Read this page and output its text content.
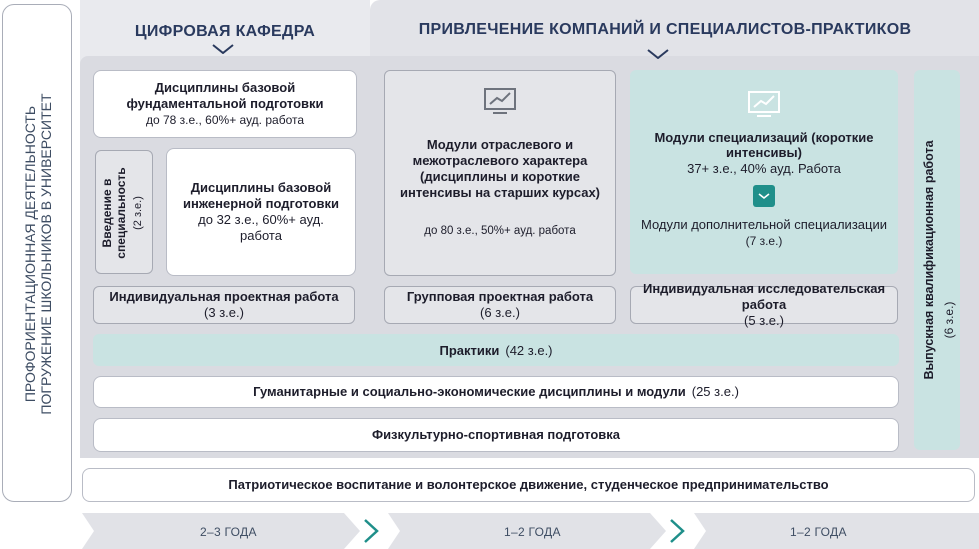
ПРОФОРИЕНТАЦИОННАЯ ДЕЯТЕЛЬНОСТЬ
ПОГРУЖЕНИЕ ШКОЛЬНИКОВ В УНИВЕРСИТЕТ
ЦИФРОВАЯ КАФЕДРА	ПРИВЛЕЧЕНИЕ КОМПАНИЙ И СПЕЦИАЛИСТОВ-ПРАКТИКОВ
Дисциплины базовой фундаментальной подготовки
до 78 з.е., 60%+ ауд. работа
Введение в специальность (2 з.е.)
Дисциплины базовой инженерной подготовки
до 32 з.е., 60%+ ауд. работа
Модули отраслевого и межотраслевого характера (дисциплины и короткие интенсивы на старших курсах)
до 80 з.е., 50%+ ауд. работа
Модули специализаций (короткие интенсивы)
37+ з.е., 40% ауд. Работа
Модули дополнительной специализации
(7 з.е.)	Выпускная квалификационная работа (6 з.е.)
Индивидуальная проектная работа
(3 з.е.)
Групповая проектная работа
(6 з.е.)
Индивидуальная исследовательская работа
(5 з.е.)
Практики (42 з.е.)
Гуманитарные и социально-экономические дисциплины и модули (25 з.е.)
Физкультурно-спортивная подготовка
Патриотическое воспитание и волонтерское движение, студенческое предпринимательство
2–3 ГОДА	1–2 ГОДА	1–2 ГОДА
